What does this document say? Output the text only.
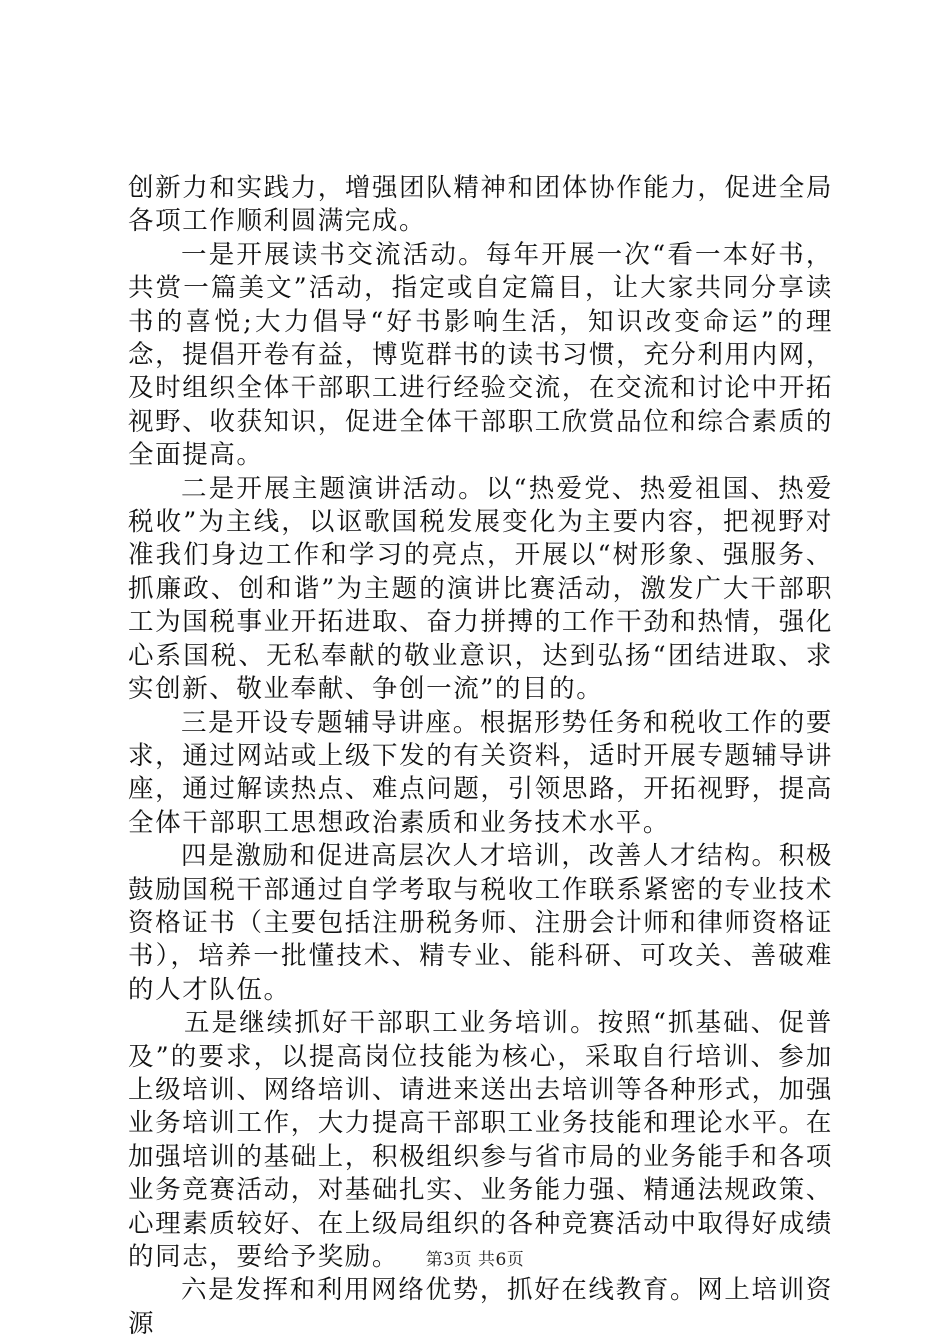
创新力和实践力，增强团队精神和团体协作能力，促进全局各项工作顺利圆满完成。

一是开展读书交流活动。每年开展一次“看一本好书，共赏一篇美文”活动，指定或自定篇目，让大家共同分享读书的喜悦;大力倡导“好书影响生活，知识改变命运”的理念，提倡开卷有益，博览群书的读书习惯，充分利用内网，及时组织全体干部职工进行经验交流，在交流和讨论中开拓视野、收获知识，促进全体干部职工欣赏品位和综合素质的全面提高。

二是开展主题演讲活动。以“热爱党、热爱祖国、热爱税收”为主线，以讴歌国税发展变化为主要内容，把视野对准我们身边工作和学习的亮点，开展以“树形象、强服务、抓廉政、创和谐”为主题的演讲比赛活动，激发广大干部职工为国税事业开拓进取、奋力拼搏的工作干劲和热情，强化心系国税、无私奉献的敬业意识，达到弘扬“团结进取、求实创新、敬业奉献、争创一流”的目的。

三是开设专题辅导讲座。根据形势任务和税收工作的要求，通过网站或上级下发的有关资料，适时开展专题辅导讲座，通过解读热点、难点问题，引领思路，开拓视野，提高全体干部职工思想政治素质和业务技术水平。

四是激励和促进高层次人才培训，改善人才结构。积极鼓励国税干部通过自学考取与税收工作联系紧密的专业技术资格证书（主要包括注册税务师、注册会计师和律师资格证书），培养一批懂技术、精专业、能科研、可攻关、善破难的人才队伍。

五是继续抓好干部职工业务培训。按照“抓基础、促普及”的要求，以提高岗位技能为核心，采取自行培训、参加上级培训、网络培训、请进来送出去培训等各种形式，加强业务培训工作，大力提高干部职工业务技能和理论水平。在加强培训的基础上，积极组织参与省市局的业务能手和各项业务竞赛活动，对基础扎实、业务能力强、精通法规政策、心理素质较好、在上级局组织的各种竞赛活动中取得好成绩的同志，要给予奖励。

六是发挥和利用网络优势，抓好在线教育。网上培训资源

第3页 共6页
